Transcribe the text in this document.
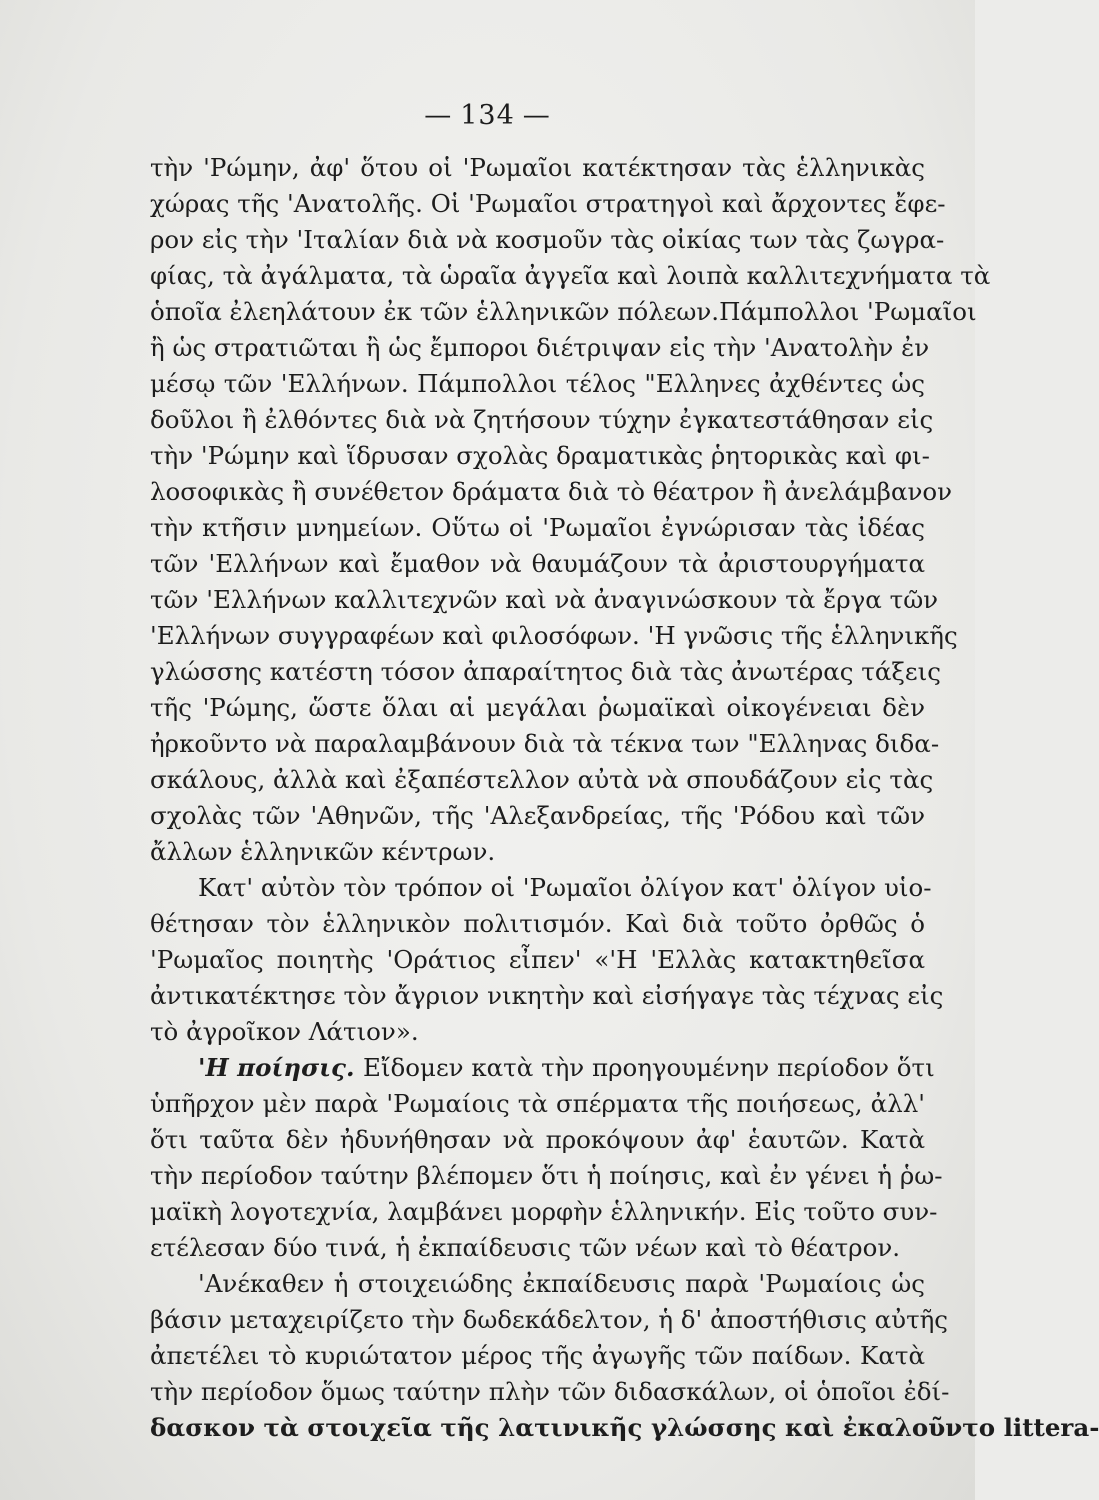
— 134 —
τὴν 'Ρώμην, ἀφ' ὅτου οἱ 'Ρωμαῖοι κατέκτησαν τὰς ἑλληνικὰς
χώρας τῆς 'Ανατολῆς. Οἱ 'Ρωμαῖοι στρατηγοὶ καὶ ἄρχοντες ἔφε-
ρον εἰς τὴν 'Ιταλίαν διὰ νὰ κοσμοῦν τὰς οἰκίας των τὰς ζωγρα-
φίας, τὰ ἀγάλματα, τὰ ὡραῖα ἀγγεῖα καὶ λοιπὰ καλλιτεχνήματα τὰ
ὁποῖα ἐλεηλάτουν ἐκ τῶν ἑλληνικῶν πόλεων.Πάμπολλοι 'Ρωμαῖοι
ἢ ὡς στρατιῶται ἢ ὡς ἔμποροι διέτριψαν εἰς τὴν 'Ανατολὴν ἐν
μέσῳ τῶν 'Ελλήνων. Πάμπολλοι τέλος "Ελληνες ἀχθέντες ὡς
δοῦλοι ἢ ἐλθόντες διὰ νὰ ζητήσουν τύχην ἐγκατεστάθησαν εἰς
τὴν 'Ρώμην καὶ ἵδρυσαν σχολὰς δραματικὰς ῥητορικὰς καὶ φι-
λοσοφικὰς ἢ συνέθετον δράματα διὰ τὸ θέατρον ἢ ἀνελάμβανον
τὴν κτῆσιν μνημείων. Οὕτω οἱ 'Ρωμαῖοι ἐγνώρισαν τὰς ἰδέας
τῶν 'Ελλήνων καὶ ἔμαθον νὰ θαυμάζουν τὰ ἀριστουργήματα
τῶν 'Ελλήνων καλλιτεχνῶν καὶ νὰ ἀναγινώσκουν τὰ ἔργα τῶν
'Ελλήνων συγγραφέων καὶ φιλοσόφων. 'Η γνῶσις τῆς ἑλληνικῆς
γλώσσης κατέστη τόσον ἀπαραίτητος διὰ τὰς ἀνωτέρας τάξεις
τῆς 'Ρώμης, ὥστε ὅλαι αἱ μεγάλαι ῥωμαϊκαὶ οἰκογένειαι δὲν
ἠρκοῦντο νὰ παραλαμβάνουν διὰ τὰ τέκνα των "Ελληνας διδα-
σκάλους, ἀλλὰ καὶ ἐξαπέστελλον αὐτὰ νὰ σπουδάζουν εἰς τὰς
σχολὰς τῶν 'Αθηνῶν, τῆς 'Αλεξανδρείας, τῆς 'Ρόδου καὶ τῶν
ἄλλων ἑλληνικῶν κέντρων.
Κατ' αὐτὸν τὸν τρόπον οἱ 'Ρωμαῖοι ὀλίγον κατ' ὀλίγον υἱο-
θέτησαν τὸν ἑλληνικὸν πολιτισμόν. Καὶ διὰ τοῦτο ὀρθῶς ὁ
'Ρωμαῖος ποιητὴς 'Οράτιος εἶπεν' «'Η 'Ελλὰς κατακτηθεῖσα
ἀντικατέκτησε τὸν ἄγριον νικητὴν καὶ εἰσήγαγε τὰς τέχνας εἰς
τὸ ἀγροῖκον Λάτιον».
'Η ποίησις. Εἴδομεν κατὰ τὴν προηγουμένην περίοδον ὅτι
ὑπῆρχον μὲν παρὰ 'Ρωμαίοις τὰ σπέρματα τῆς ποιήσεως, ἀλλ'
ὅτι ταῦτα δὲν ἠδυνήθησαν νὰ προκόψουν ἀφ' ἑαυτῶν. Κατὰ
τὴν περίοδον ταύτην βλέπομεν ὅτι ἡ ποίησις, καὶ ἐν γένει ἡ ῥω-
μαϊκὴ λογοτεχνία, λαμβάνει μορφὴν ἑλληνικήν. Εἰς τοῦτο συν-
ετέλεσαν δύο τινά, ἡ ἐκπαίδευσις τῶν νέων καὶ τὸ θέατρον.
'Ανέκαθεν ἡ στοιχειώδης ἐκπαίδευσις παρὰ 'Ρωμαίοις ὡς
βάσιν μεταχειρίζετο τὴν δωδεκάδελτον, ἡ δ' ἀποστήθισις αὐτῆς
ἀπετέλει τὸ κυριώτατον μέρος τῆς ἀγωγῆς τῶν παίδων. Κατὰ
τὴν περίοδον ὅμως ταύτην πλὴν τῶν διδασκάλων, οἱ ὁποῖοι ἐδί-
δασκον τὰ στοιχεῖα τῆς λατινικῆς γλώσσης καὶ ἐκαλοῦντο littera-
